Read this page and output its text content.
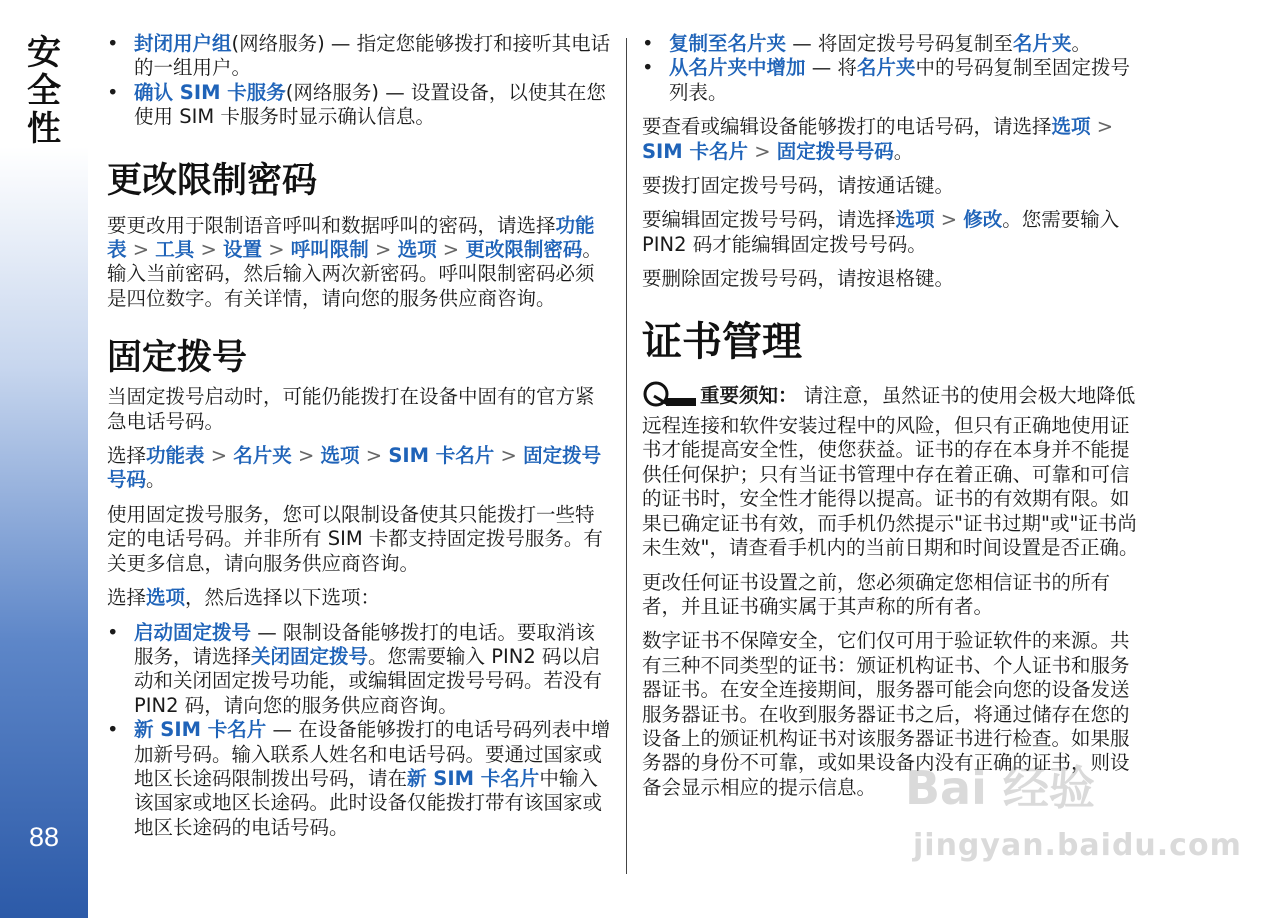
安全性
88
• 封闭用户组(网络服务) — 指定您能够拨打和接听其电话的一组用户。
• 确认 SIM 卡服务(网络服务) — 设置设备，以使其在您使用 SIM 卡服务时显示确认信息。
更改限制密码

要更改用于限制语音呼叫和数据呼叫的密码，请选择功能表 > 工具 > 设置 > 呼叫限制 > 选项 > 更改限制密码。输入当前密码，然后输入两次新密码。呼叫限制密码必须是四位数字。有关详情，请向您的服务供应商咨询。

固定拨号

当固定拨号启动时，可能仍能拨打在设备中固有的官方紧急电话号码。

选择功能表 > 名片夹 > 选项 > SIM 卡名片 > 固定拨号号码。

使用固定拨号服务，您可以限制设备使其只能拨打一些特定的电话号码。并非所有 SIM 卡都支持固定拨号服务。有关更多信息，请向服务供应商咨询。

选择选项，然后选择以下选项：

• 启动固定拨号 — 限制设备能够拨打的电话。要取消该服务，请选择关闭固定拨号。您需要输入 PIN2 码以启动和关闭固定拨号功能，或编辑固定拨号号码。若没有 PIN2 码，请向您的服务供应商咨询。
• 新 SIM 卡名片 — 在设备能够拨打的电话号码列表中增加新号码。输入联系人姓名和电话号码。要通过国家或地区长途码限制拨出号码，请在新 SIM 卡名片中输入该国家或地区长途码。此时设备仅能拨打带有该国家或地区长途码的电话号码。
• 复制至名片夹 — 将固定拨号号码复制至名片夹。
• 从名片夹中增加 — 将名片夹中的号码复制至固定拨号列表。

要查看或编辑设备能够拨打的电话号码，请选择选项 > SIM 卡名片 > 固定拨号号码。

要拨打固定拨号号码，请按通话键。

要编辑固定拨号号码，请选择选项 > 修改。您需要输入 PIN2 码才能编辑固定拨号号码。

要删除固定拨号号码，请按退格键。

证书管理

重要须知： 请注意，虽然证书的使用会极大地降低远程连接和软件安装过程中的风险，但只有正确地使用证书才能提高安全性，使您获益。证书的存在本身并不能提供任何保护；只有当证书管理中存在着正确、可靠和可信的证书时，安全性才能得以提高。证书的有效期有限。如果已确定证书有效，而手机仍然提示"证书过期"或"证书尚未生效"，请查看手机内的当前日期和时间设置是否正确。

更改任何证书设置之前，您必须确定您相信证书的所有者，并且证书确实属于其声称的所有者。

数字证书不保障安全，它们仅可用于验证软件的来源。共有三种不同类型的证书：颁证机构证书、个人证书和服务器证书。在安全连接期间，服务器可能会向您的设备发送服务器证书。在收到服务器证书之后，将通过储存在您的设备上的颁证机构证书对该服务器证书进行检查。如果服务器的身份不可靠，或如果设备内没有正确的证书，则设备会显示相应的提示信息。 Bai 经验
jingyan.baidu.com
